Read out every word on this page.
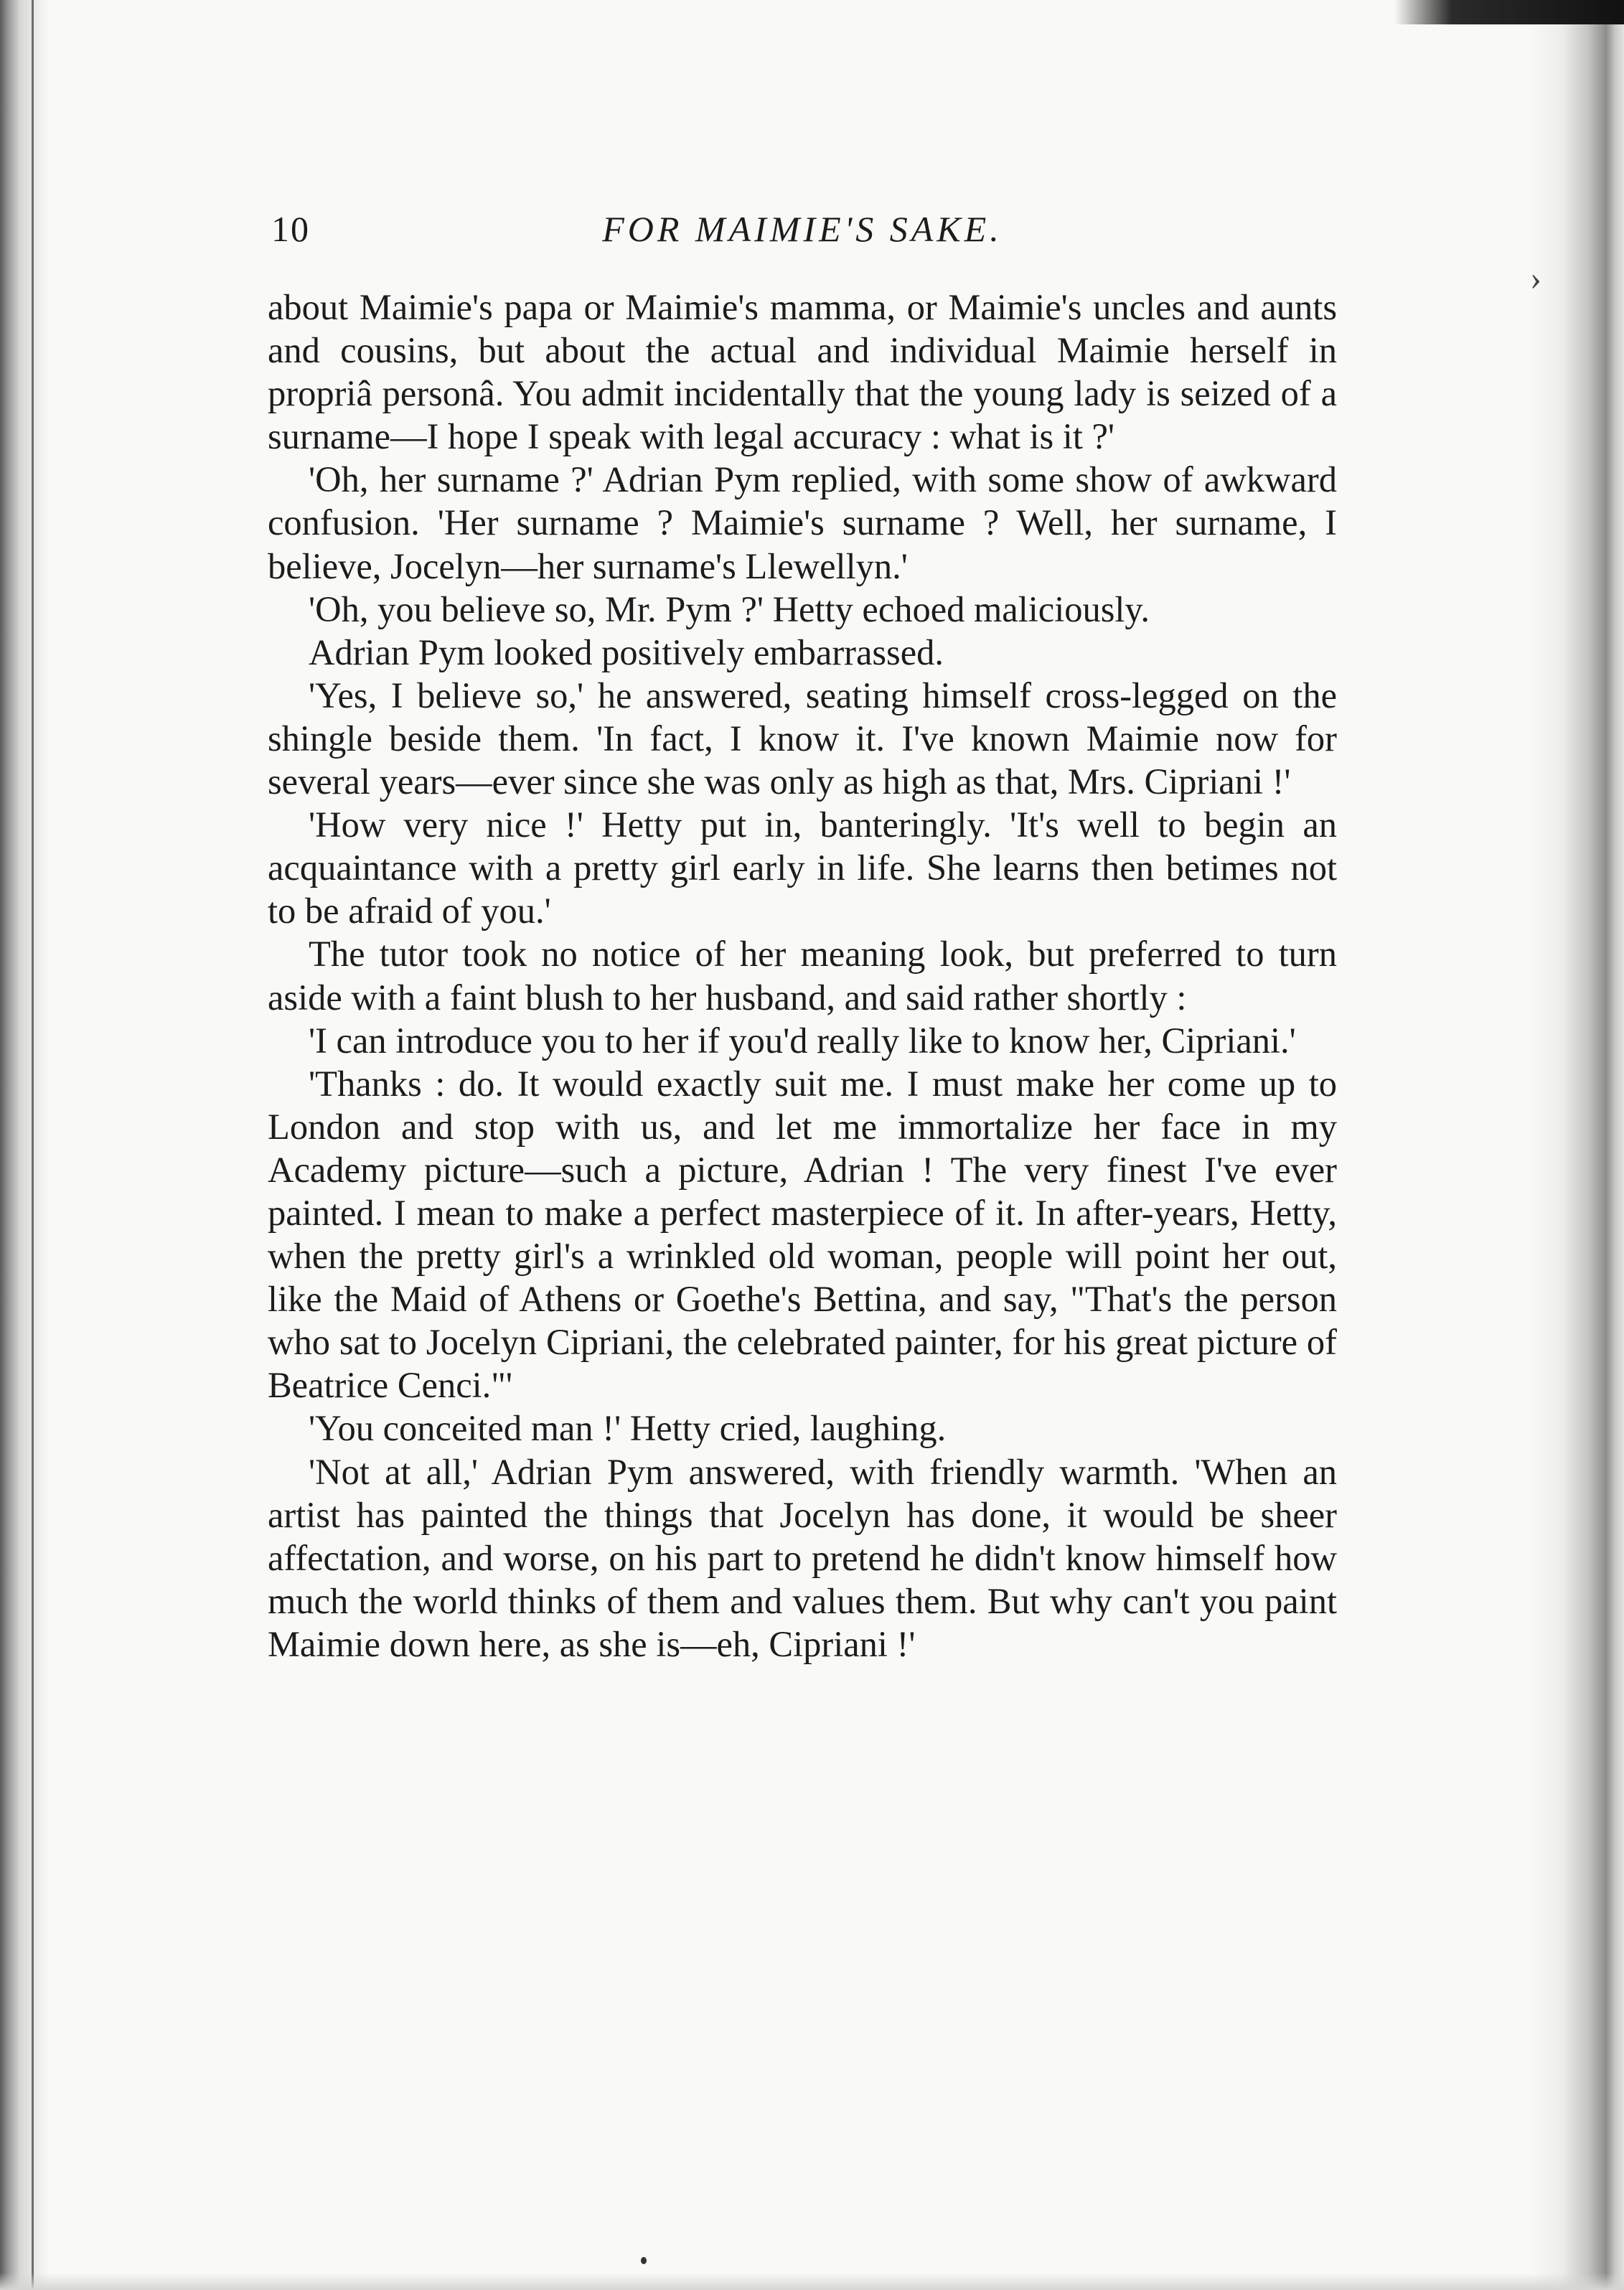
10	FOR MAIMIE'S SAKE.
›

about Maimie's papa or Maimie's mamma, or Maimie's uncles and aunts and cousins, but about the actual and individual Maimie herself in propriâ personâ. You admit incidentally that the young lady is seized of a surname—I hope I speak with legal accuracy : what is it ?'

'Oh, her surname ?' Adrian Pym replied, with some show of awkward confusion. 'Her surname ? Maimie's surname ? Well, her surname, I believe, Jocelyn—her surname's Llewellyn.'

'Oh, you believe so, Mr. Pym ?' Hetty echoed maliciously.

Adrian Pym looked positively embarrassed.

'Yes, I believe so,' he answered, seating himself cross-legged on the shingle beside them. 'In fact, I know it. I've known Maimie now for several years—ever since she was only as high as that, Mrs. Cipriani !'

'How very nice !' Hetty put in, banteringly. 'It's well to begin an acquaintance with a pretty girl early in life. She learns then betimes not to be afraid of you.'

The tutor took no notice of her meaning look, but preferred to turn aside with a faint blush to her husband, and said rather shortly :

'I can introduce you to her if you'd really like to know her, Cipriani.'

'Thanks : do. It would exactly suit me. I must make her come up to London and stop with us, and let me immortalize her face in my Academy picture—such a picture, Adrian ! The very finest I've ever painted. I mean to make a perfect masterpiece of it. In after-years, Hetty, when the pretty girl's a wrinkled old woman, people will point her out, like the Maid of Athens or Goethe's Bettina, and say, "That's the person who sat to Jocelyn Cipriani, the celebrated painter, for his great picture of Beatrice Cenci."'

'You conceited man !' Hetty cried, laughing.

'Not at all,' Adrian Pym answered, with friendly warmth. 'When an artist has painted the things that Jocelyn has done, it would be sheer affectation, and worse, on his part to pretend he didn't know himself how much the world thinks of them and values them. But why can't you paint Maimie down here, as she is—eh, Cipriani !'
